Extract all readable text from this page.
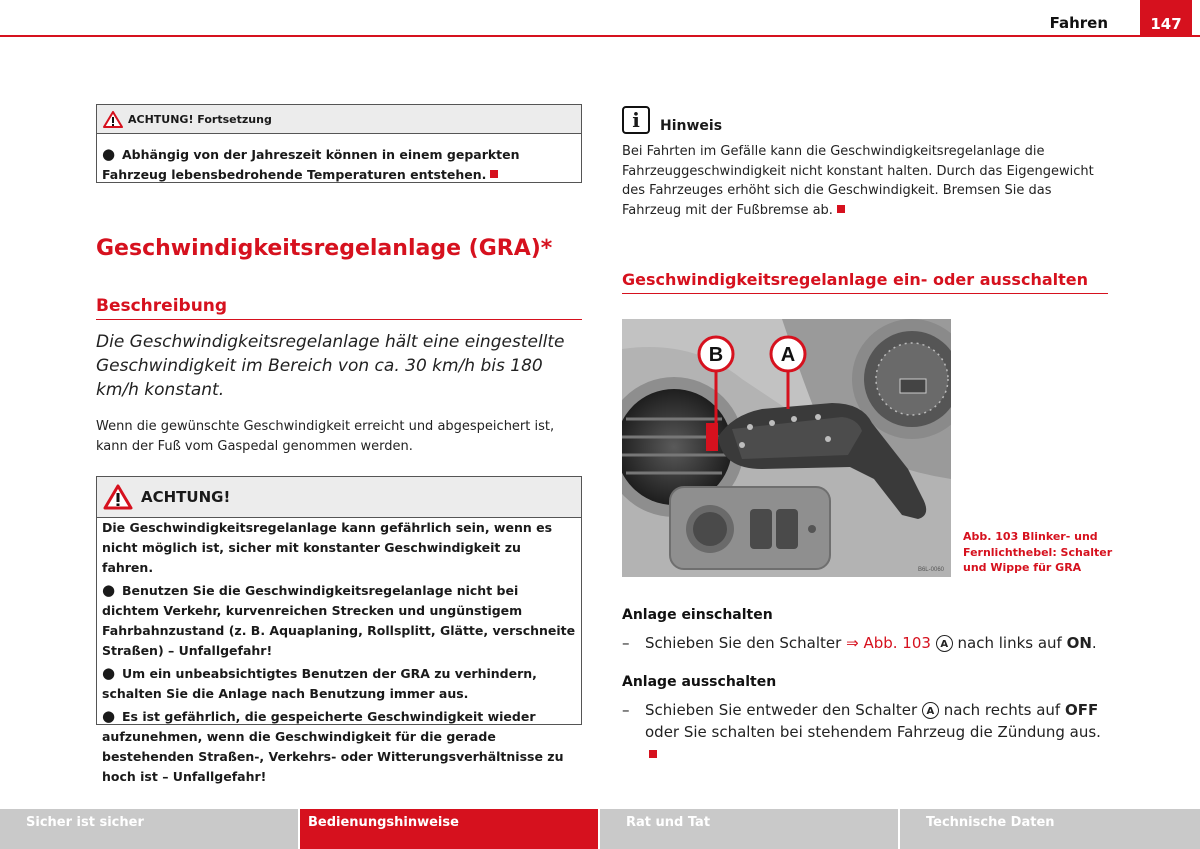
Fahren	147
ACHTUNG! Fortsetzung

● Abhängig von der Jahreszeit können in einem geparkten Fahrzeug lebensbedrohende Temperaturen entstehen.

Geschwindigkeitsregelanlage (GRA)*
Beschreibung
Die Geschwindigkeitsregelanlage hält eine eingestellte Geschwindigkeit im Bereich von ca. 30 km/h bis 180 km/h konstant.
Wenn die gewünschte Geschwindigkeit erreicht und abgespeichert ist, kann der Fuß vom Gaspedal genommen werden.
ACHTUNG!

Die Geschwindigkeitsregelanlage kann gefährlich sein, wenn es nicht möglich ist, sicher mit konstanter Geschwindigkeit zu fahren.

● Benutzen Sie die Geschwindigkeitsregelanlage nicht bei dichtem Verkehr, kurvenreichen Strecken und ungünstigem Fahrbahnzustand (z. B. Aquaplaning, Rollsplitt, Glätte, verschneite Straßen) – Unfallgefahr!

● Um ein unbeabsichtigtes Benutzen der GRA zu verhindern, schalten Sie die Anlage nach Benutzung immer aus.

● Es ist gefährlich, die gespeicherte Geschwindigkeit wieder aufzunehmen, wenn die Geschwindigkeit für die gerade bestehenden Straßen-, Verkehrs- oder Witterungsverhältnisse zu hoch ist – Unfallgefahr!

i	Hinweis
Bei Fahrten im Gefälle kann die Geschwindigkeitsregelanlage die Fahrzeuggeschwindigkeit nicht konstant halten. Durch das Eigengewicht des Fahrzeuges erhöht sich die Geschwindigkeit. Bremsen Sie das Fahrzeug mit der Fußbremse ab.
Geschwindigkeitsregelanlage ein- oder ausschalten
B	A
B6L-0060
Abb. 103 Blinker- und Fernlichthebel: Schalter und Wippe für GRA
Anlage einschalten
–	Schieben Sie den Schalter ⇒ Abb. 103 A nach links auf ON.
Anlage ausschalten
–	Schieben Sie entweder den Schalter A nach rechts auf OFF oder Sie schalten bei stehendem Fahrzeug die Zündung aus.
Sicher ist sicher	Bedienungshinweise	Rat und Tat	Technische Daten
